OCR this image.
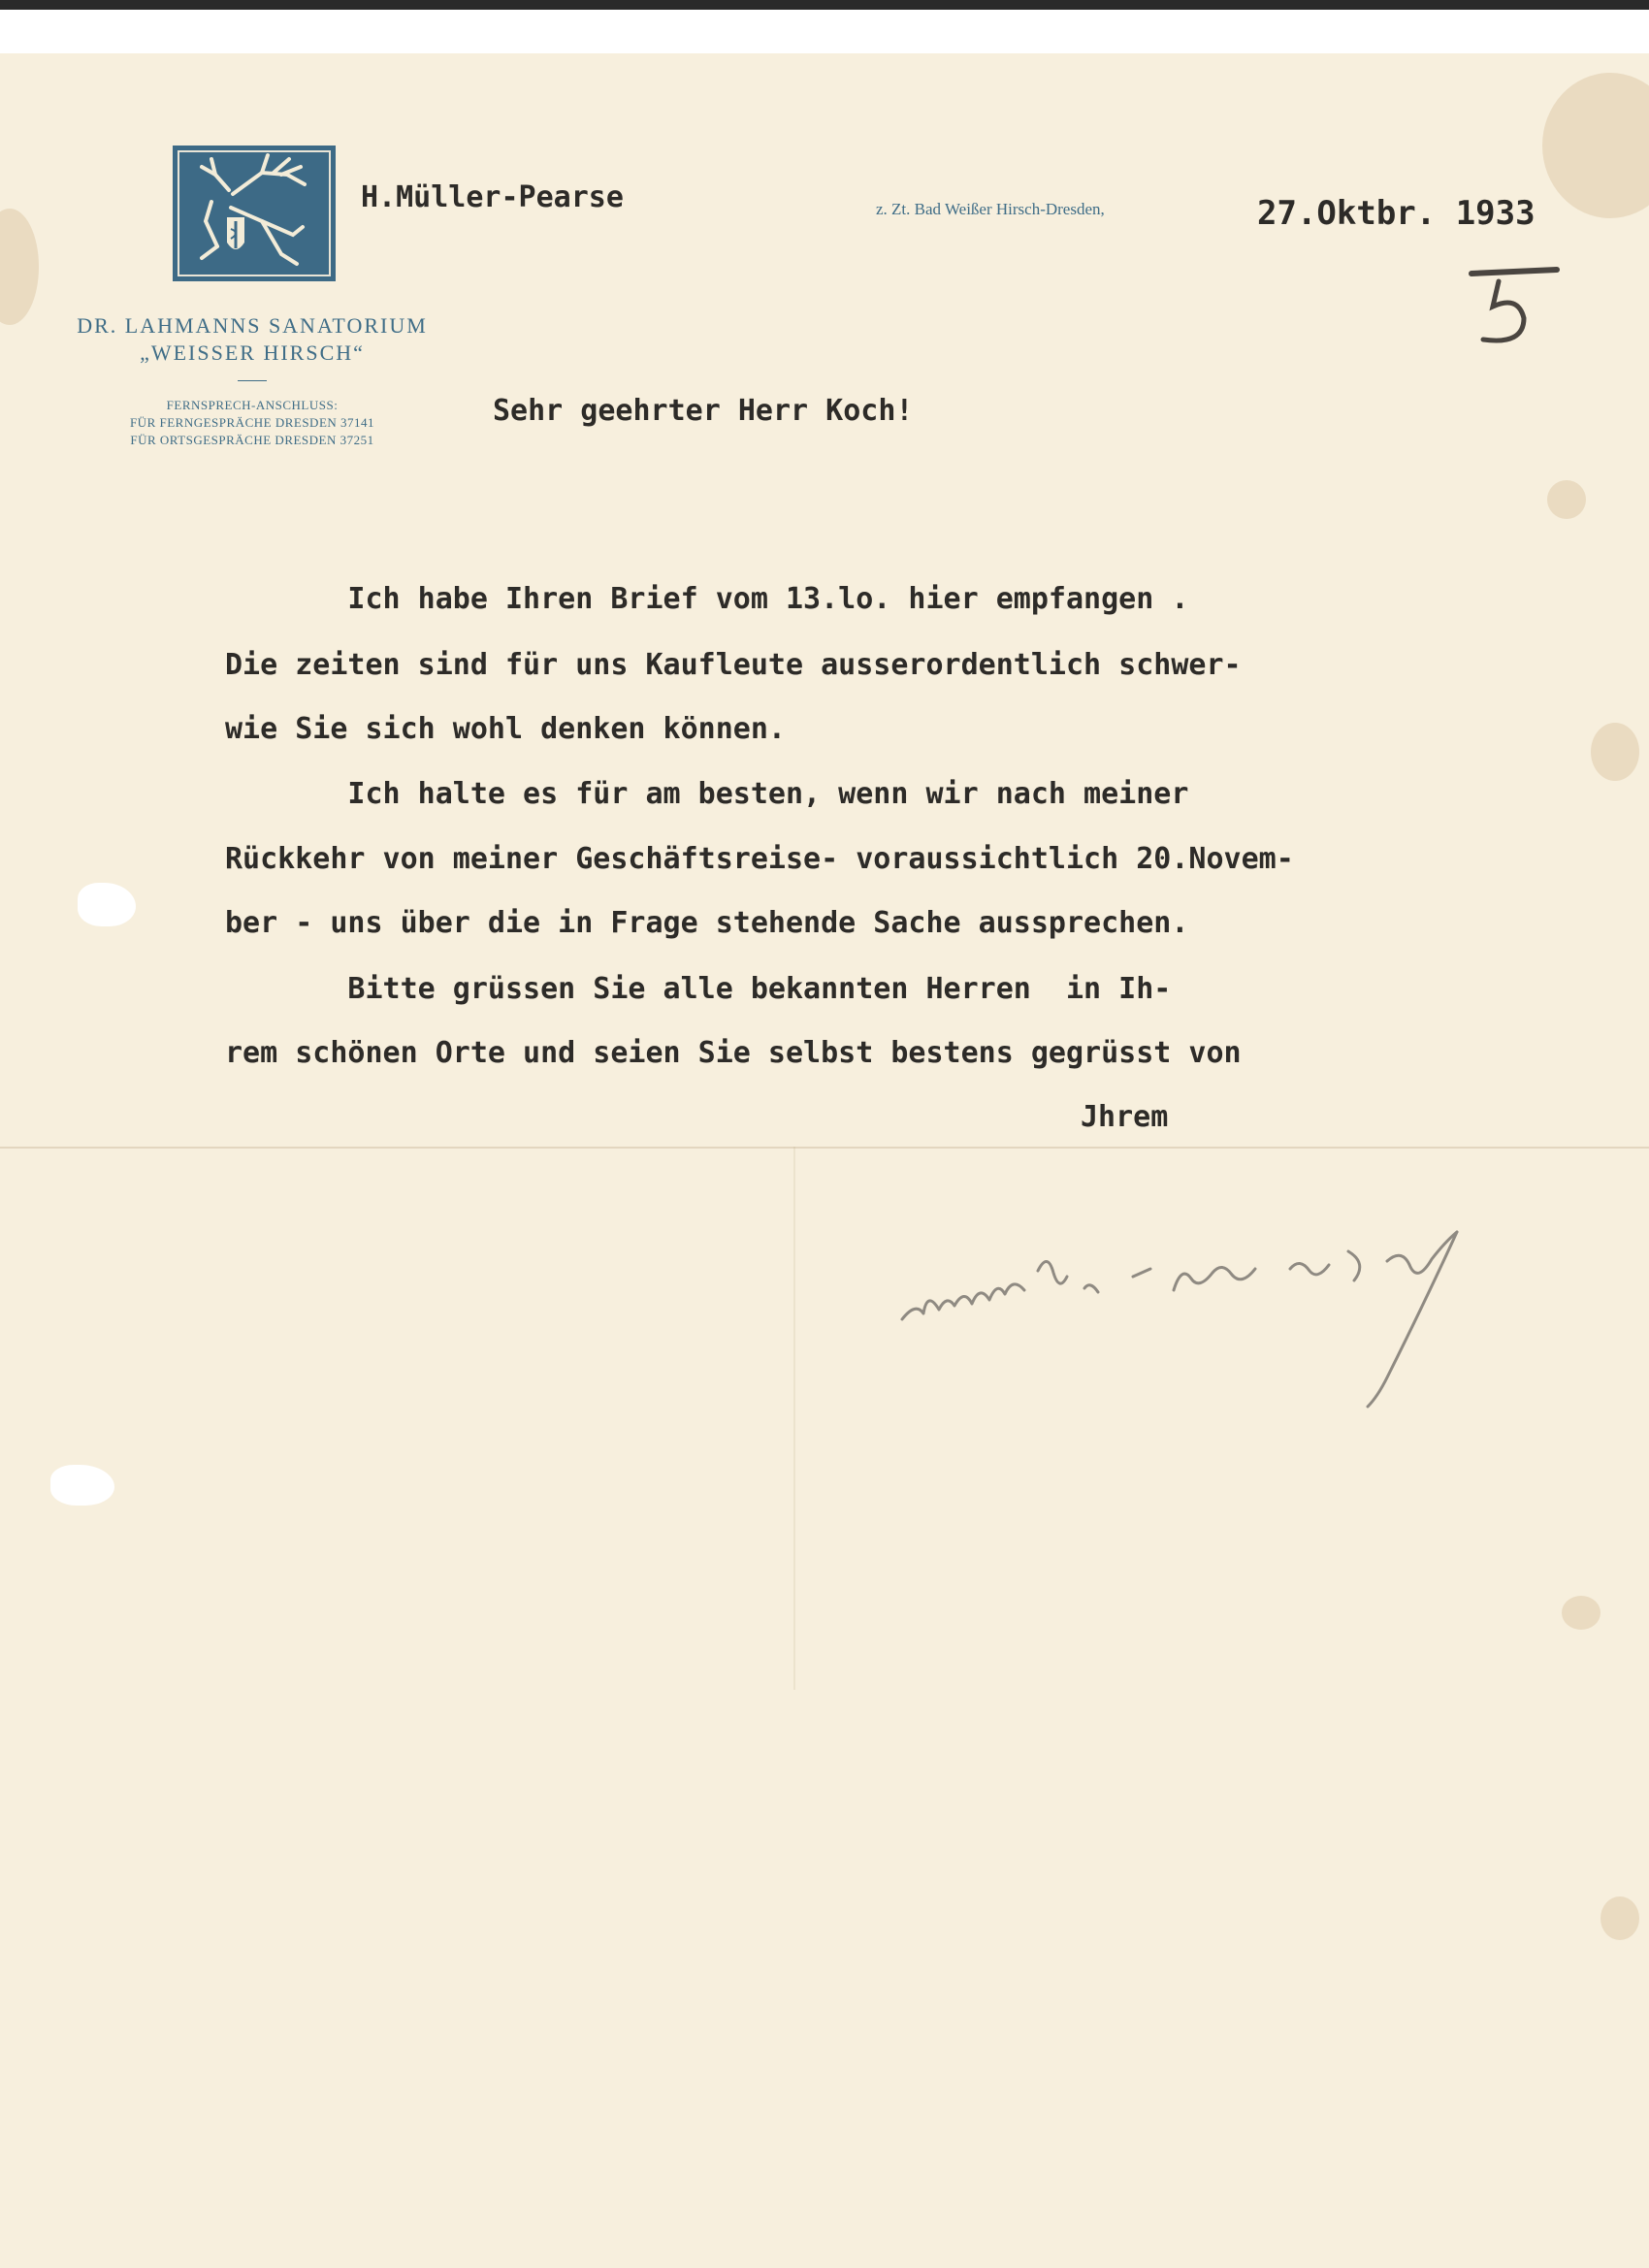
DR. LAHMANNS SANATORIUM
„WEISSER HIRSCH“
FERNSPRECH-ANSCHLUSS:
FÜR FERNGESPRÄCHE DRESDEN 37141
FÜR ORTSGESPRÄCHE DRESDEN 37251
H.Müller-Pearse	z. Zt. Bad Weißer Hirsch-Dresden,	27.Oktbr. 1933
Sehr geehrter Herr Koch!
Ich habe Ihren Brief vom 13.lo. hier empfangen .
Die zeiten sind für uns Kaufleute ausserordentlich schwer-
wie Sie sich wohl denken können.
Ich halte es für am besten, wenn wir nach meiner
Rückkehr von meiner Geschäftsreise- voraussichtlich 20.Novem-
ber - uns über die in Frage stehende Sache aussprechen.
Bitte grüssen Sie alle bekannten Herren  in Ih-
rem schönen Orte und seien Sie selbst bestens gegrüsst von
Jhrem
